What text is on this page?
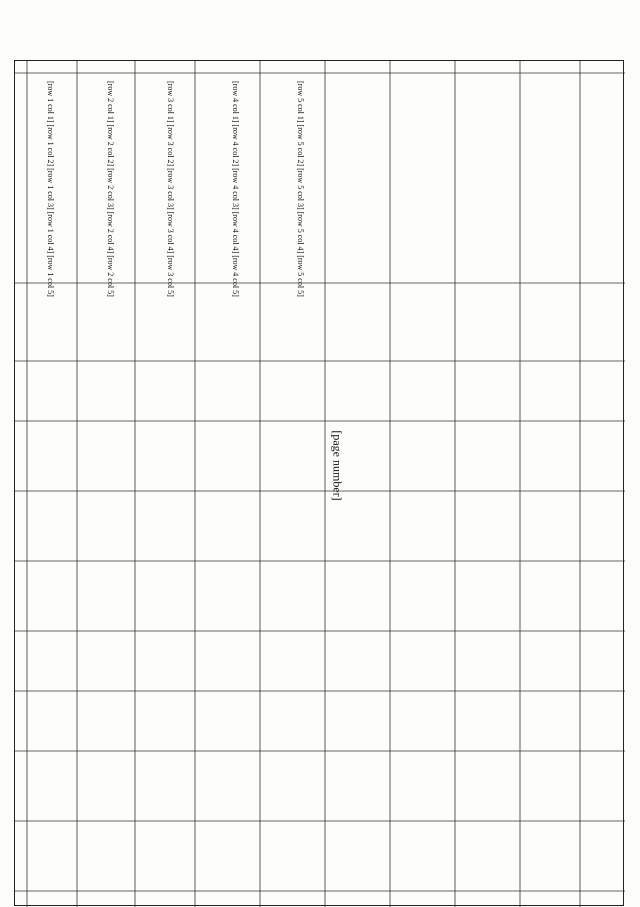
[page number]
[row 1 col 1] [row 1 col 2] [row 1 col 3] [row 1 col 4] [row 1 col 5]
[row 2 col 1] [row 2 col 2] [row 2 col 3] [row 2 col 4] [row 2 col 5]
[row 3 col 1] [row 3 col 2] [row 3 col 3] [row 3 col 4] [row 3 col 5]
[row 4 col 1] [row 4 col 2] [row 4 col 3] [row 4 col 4] [row 4 col 5]
[row 5 col 1] [row 5 col 2] [row 5 col 3] [row 5 col 4] [row 5 col 5]
